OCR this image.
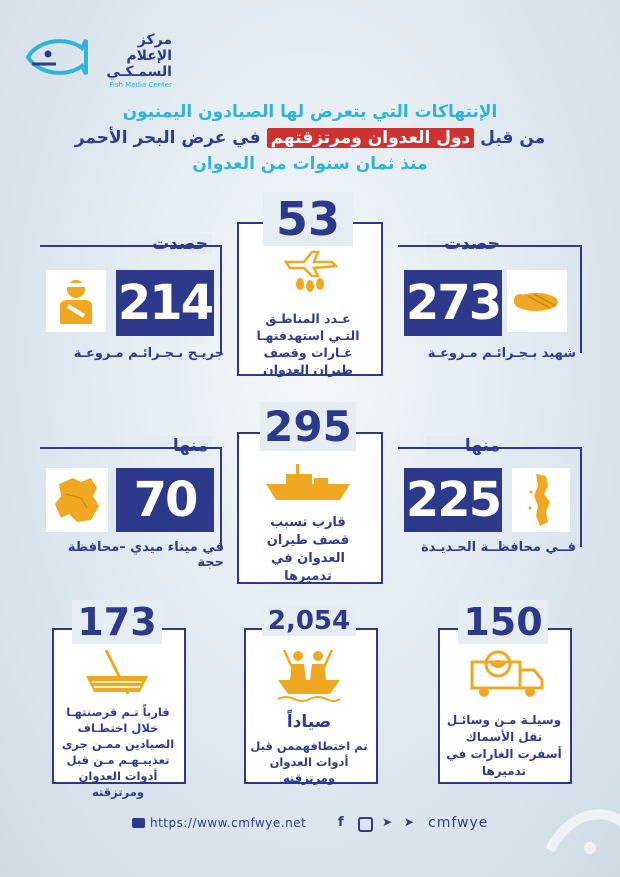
مركز الإعلام
السمـكـي
Fish Media Center
الإنتهاكات التي يتعرض لها الصيادون اليمنيون
من قبل دول العدوان ومرتزقتهم في عرض البحر الأحمر
منذ ثمان سنوات من العدوان
53
عـدد المناطـق التـي استهدفتهـا غـارات وقصف طيران العدوان
حصدت
273
شهيد بـجـرائـم مـروعـة
حصدت
214
جريـح بـجـرائـم مـروعـة
295
قارب تسبب قصف طيران العدوان في تدميرها
منها
225
فــي محافظــة الحـديـدة
منها
70
في ميناء ميدي –محافظة حجة
173
قارباً تـم قرصنتهـا خلال اختطـاف الصيادين ممـن جرى تعذيبـهـم مـن قبل أدوات العدوان ومرتزقته
2,054
صياداً
تم اختطافهممن قبل أدوات العدوان ومرتزقته
150
وسيلـة مـن وسائـل نقل الأسماك أسفرت الغارات في تدميرها
https://www.cmfwye.net f	➤ ➤ cmfwye
